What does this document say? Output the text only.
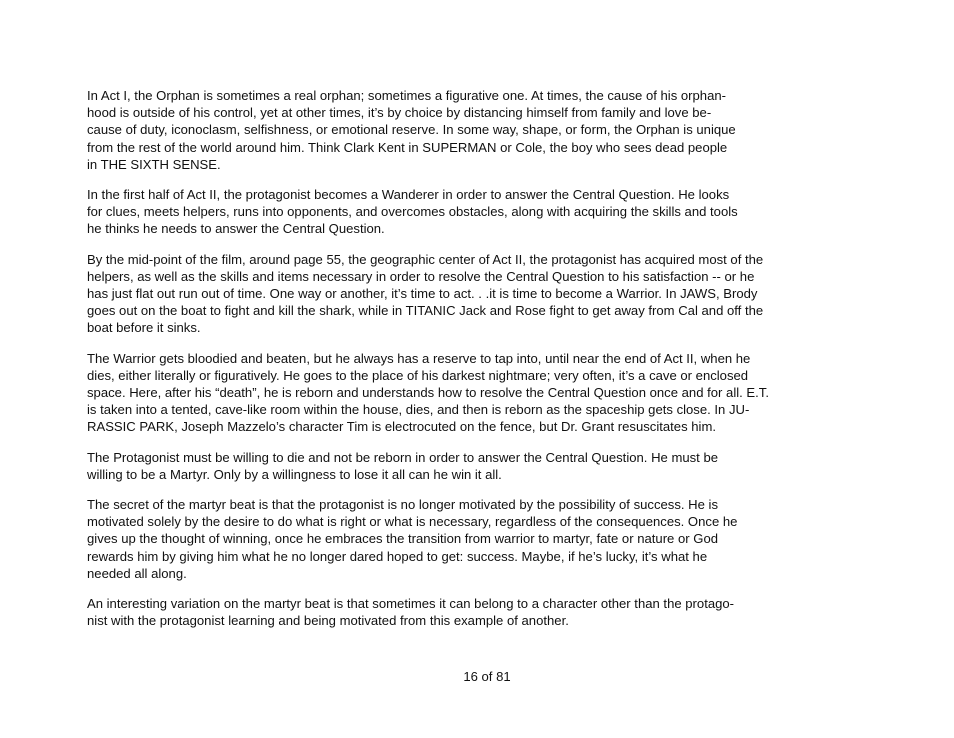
In Act I, the Orphan is sometimes a real orphan; sometimes a figurative one. At times, the cause of his orphan-
hood is outside of his control, yet at other times, it’s by choice by distancing himself from family and love be-
cause of duty, iconoclasm, selfishness, or emotional reserve. In some way, shape, or form, the Orphan is unique
from the rest of the world around him. Think Clark Kent in SUPERMAN or Cole, the boy who sees dead people
in THE SIXTH SENSE.

In the first half of Act II, the protagonist becomes a Wanderer in order to answer the Central Question. He looks
for clues, meets helpers, runs into opponents, and overcomes obstacles, along with acquiring the skills and tools
he thinks he needs to answer the Central Question.

By the mid-point of the film, around page 55, the geographic center of Act II, the protagonist has acquired most of the
helpers, as well as the skills and items necessary in order to resolve the Central Question to his satisfaction -- or he
has just flat out run out of time. One way or another, it’s time to act. . .it is time to become a Warrior. In JAWS, Brody
goes out on the boat to fight and kill the shark, while in TITANIC Jack and Rose fight to get away from Cal and off the
boat before it sinks.

The Warrior gets bloodied and beaten, but he always has a reserve to tap into, until near the end of Act II, when he
dies, either literally or figuratively. He goes to the place of his darkest nightmare; very often, it’s a cave or enclosed
space. Here, after his “death”, he is reborn and understands how to resolve the Central Question once and for all. E.T.
is taken into a tented, cave-like room within the house, dies, and then is reborn as the spaceship gets close. In JU-
RASSIC PARK, Joseph Mazzelo’s character Tim is electrocuted on the fence, but Dr. Grant resuscitates him.

The Protagonist must be willing to die and not be reborn in order to answer the Central Question. He must be
willing to be a Martyr. Only by a willingness to lose it all can he win it all.

The secret of the martyr beat is that the protagonist is no longer motivated by the possibility of success. He is
motivated solely by the desire to do what is right or what is necessary, regardless of the consequences. Once he
gives up the thought of winning, once he embraces the transition from warrior to martyr, fate or nature or God
rewards him by giving him what he no longer dared hoped to get: success. Maybe, if he’s lucky, it’s what he
needed all along.

An interesting variation on the martyr beat is that sometimes it can belong to a character other than the protago-
nist with the protagonist learning and being motivated from this example of another.

16 of 81
